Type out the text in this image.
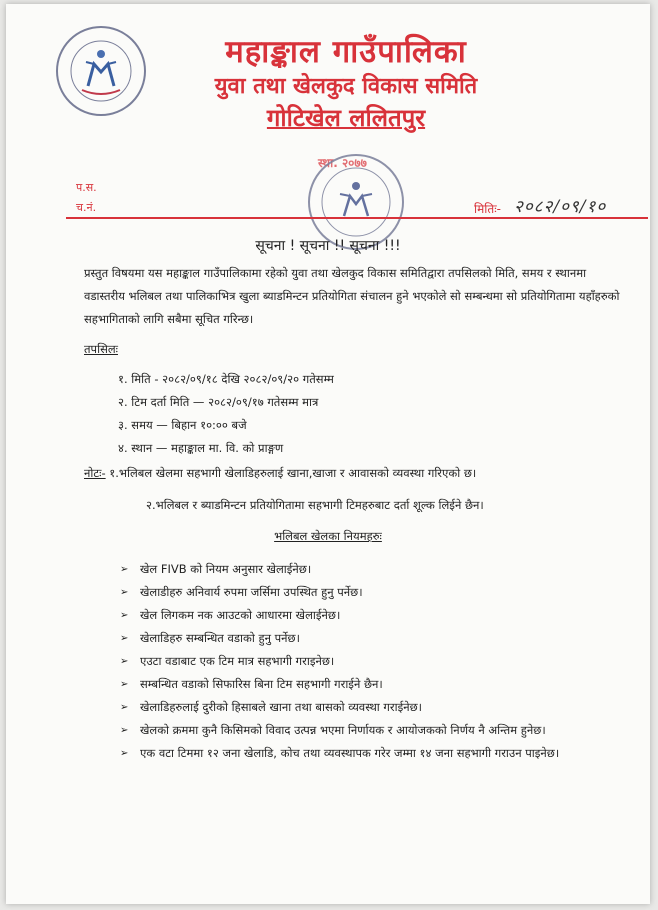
महाङ्काल गाउँपालिका
युवा तथा खेलकुद विकास समिति
गोटिखेल ललितपुर
स्था. २०७७
प.स.
च.नं.	मितिः- २०८२/०९/१०
सूचना ! सूचना !! सूचना !!!
प्रस्तुत विषयमा यस महाङ्काल गाउँपालिकामा रहेको युवा तथा खेलकुद विकास समितिद्वारा तपसिलको मिति, समय र स्थानमा वडास्तरीय भलिबल तथा पालिकाभित्र खुला ब्याडमिन्टन प्रतियोगिता संचालन हुने भएकोले सो सम्बन्धमा सो प्रतियोगितामा यहाँहरुको सहभागिताको लागि सबैमा सूचित गरिन्छ।
तपसिलः
१. मिति - २०८२/०९/१८ देखि २०८२/०९/२० गतेसम्म
२. टिम दर्ता मिति — २०८२/०९/१७ गतेसम्म मात्र
३. समय — बिहान १०:०० बजे
४. स्थान — महाङ्काल मा. वि. को प्राङ्गण
नोटः- १.भलिबल खेलमा सहभागी खेलाडिहरुलाई खाना,खाजा र आवासको व्यवस्था गरिएको छ।
२.भलिबल र ब्याडमिन्टन प्रतियोगितामा सहभागी टिमहरुबाट दर्ता शूल्क लिईने छैन।
भलिबल खेलका नियमहरुः
➢ खेल FIVB को नियम अनुसार खेलाईनेछ।
➢ खेलाडीहरु अनिवार्य रुपमा जर्सिमा उपस्थित हुनु पर्नेछ।
➢ खेल लिगकम नक आउटको आधारमा खेलाईनेछ।
➢ खेलाडिहरु सम्बन्धित वडाको हुनु पर्नेछ।
➢ एउटा वडाबाट एक टिम मात्र सहभागी गराइनेछ।
➢ सम्बन्धित वडाको सिफारिस बिना टिम सहभागी गराईने छैन।
➢ खेलाडिहरुलाई दुरीको हिसाबले खाना तथा बासको व्यवस्था गराईनेछ।
➢ खेलको क्रममा कुनै किसिमको विवाद उत्पन्न भएमा निर्णायक र आयोजकको निर्णय नै अन्तिम हुनेछ।
➢ एक वटा टिममा १२ जना खेलाडि, कोच तथा व्यवस्थापक गरेर जम्मा १४ जना सहभागी गराउन पाइनेछ।
